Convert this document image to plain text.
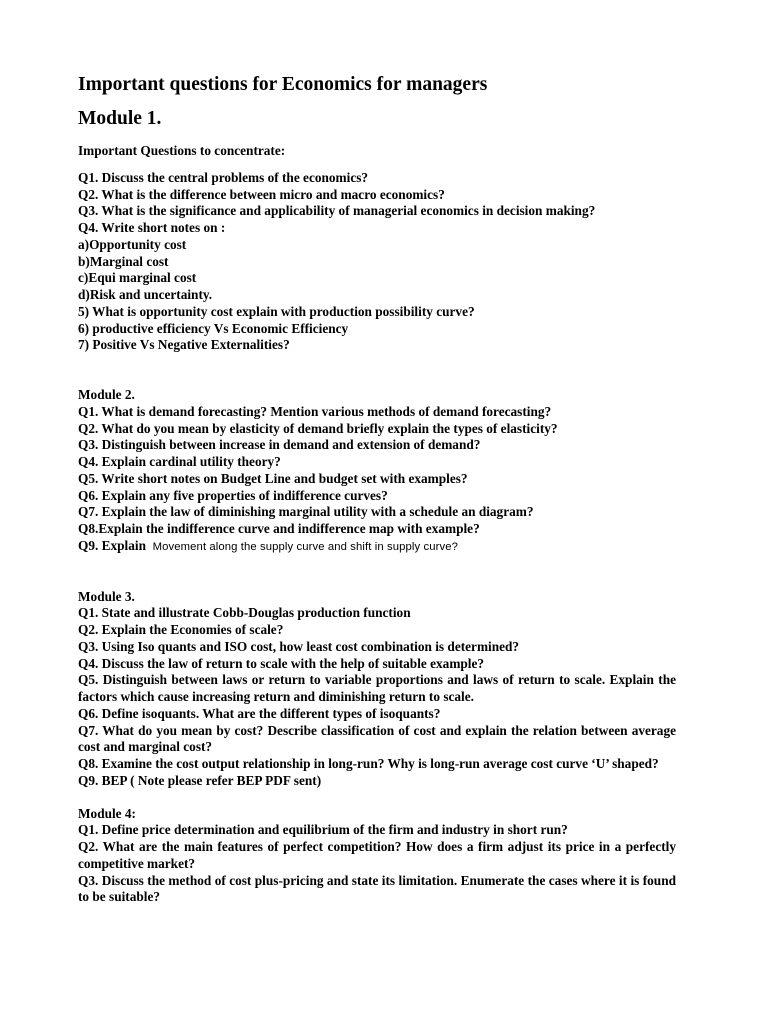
Important questions for Economics for managers
Module 1.
Important Questions to concentrate:
Q1. Discuss the central problems of the economics?
Q2. What is the difference between micro and macro economics?
Q3. What is the significance and applicability of managerial economics in decision making?
Q4. Write short notes on :
a)Opportunity cost
b)Marginal cost
c)Equi marginal cost
d)Risk and uncertainty.
5) What is opportunity cost explain with production possibility curve?
6) productive efficiency Vs Economic Efficiency
7) Positive Vs Negative Externalities?
Module 2.
Q1. What is demand forecasting? Mention various methods of demand forecasting?
Q2. What do you mean by elasticity of demand briefly explain the types of elasticity?
Q3. Distinguish between increase in demand and extension of demand?
Q4. Explain cardinal utility theory?
Q5. Write short notes on Budget Line and budget set with examples?
Q6. Explain any five properties of indifference curves?
Q7. Explain the law of diminishing marginal utility with a schedule an diagram?
Q8.Explain the indifference curve and indifference map with example?
Q9. Explain Movement along the supply curve and shift in supply curve?
Module 3.
Q1. State and illustrate Cobb-Douglas production function
Q2. Explain the Economies of scale?
Q3. Using Iso quants and ISO cost, how least cost combination is determined?
Q4. Discuss the law of return to scale with the help of suitable example?
Q5. Distinguish between laws or return to variable proportions and laws of return to scale. Explain the factors which cause increasing return and diminishing return to scale.
Q6. Define isoquants. What are the different types of isoquants?
Q7. What do you mean by cost? Describe classification of cost and explain the relation between average cost and marginal cost?
Q8. Examine the cost output relationship in long-run? Why is long-run average cost curve ‘U’ shaped?
Q9. BEP ( Note please refer BEP PDF sent)
Module 4:
Q1. Define price determination and equilibrium of the firm and industry in short run?
Q2. What are the main features of perfect competition? How does a firm adjust its price in a perfectly competitive market?
Q3. Discuss the method of cost plus-pricing and state its limitation. Enumerate the cases where it is found to be suitable?
